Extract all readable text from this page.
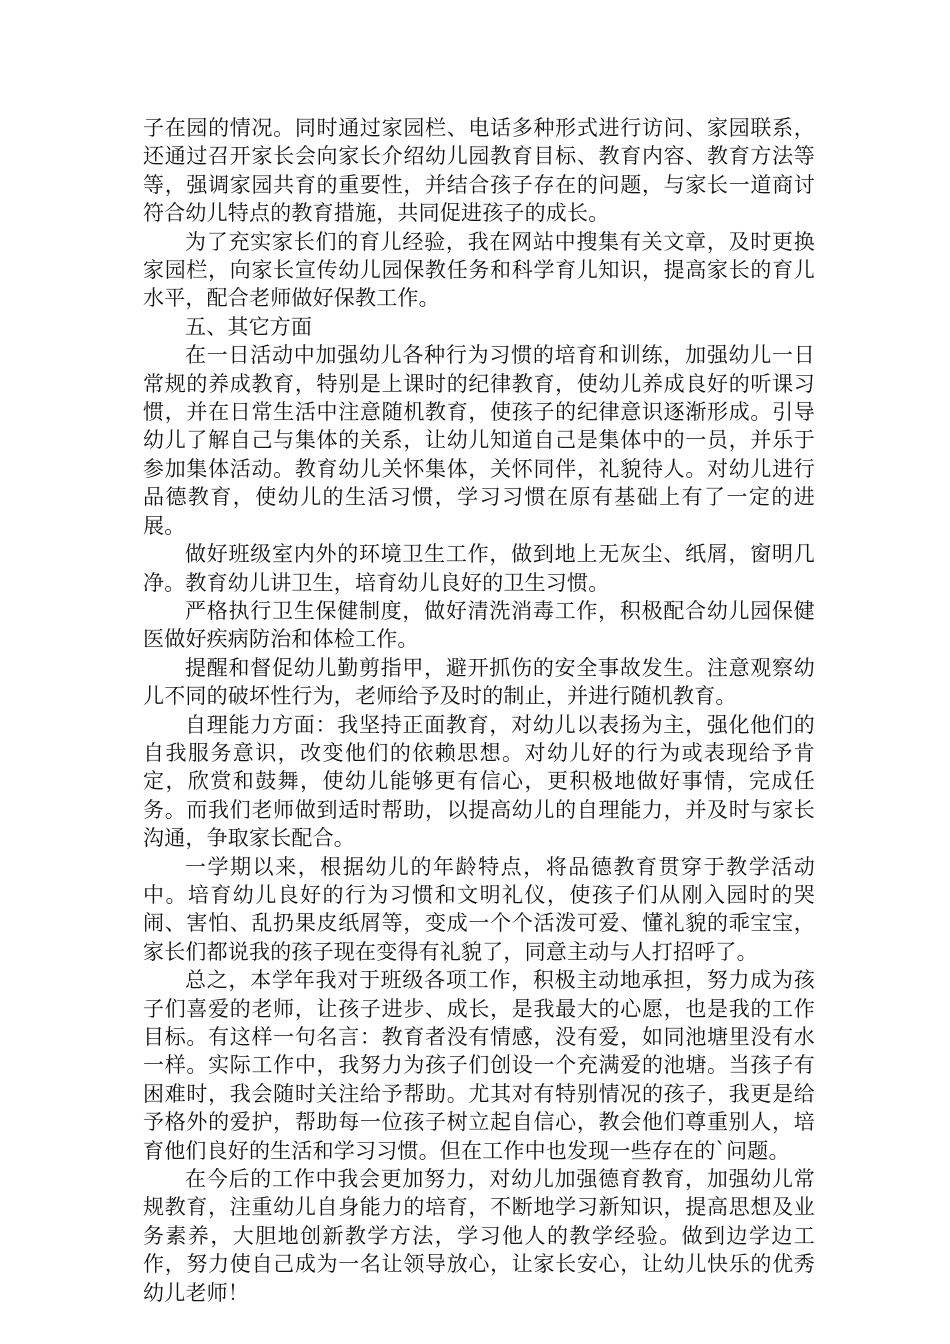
子在园的情况。同时通过家园栏、电话多种形式进行访问、家园联系，还通过召开家长会向家长介绍幼儿园教育目标、教育内容、教育方法等等，强调家园共育的重要性，并结合孩子存在的问题，与家长一道商讨符合幼儿特点的教育措施，共同促进孩子的成长。

为了充实家长们的育儿经验，我在网站中搜集有关文章，及时更换家园栏，向家长宣传幼儿园保教任务和科学育儿知识，提高家长的育儿水平，配合老师做好保教工作。

五、其它方面

在一日活动中加强幼儿各种行为习惯的培育和训练，加强幼儿一日常规的养成教育，特别是上课时的纪律教育，使幼儿养成良好的听课习惯，并在日常生活中注意随机教育，使孩子的纪律意识逐渐形成。引导幼儿了解自己与集体的关系，让幼儿知道自己是集体中的一员，并乐于参加集体活动。教育幼儿关怀集体，关怀同伴，礼貌待人。对幼儿进行品德教育，使幼儿的生活习惯，学习习惯在原有基础上有了一定的进展。

做好班级室内外的环境卫生工作，做到地上无灰尘、纸屑，窗明几净。教育幼儿讲卫生，培育幼儿良好的卫生习惯。

严格执行卫生保健制度，做好清洗消毒工作，积极配合幼儿园保健医做好疾病防治和体检工作。

提醒和督促幼儿勤剪指甲，避开抓伤的安全事故发生。注意观察幼儿不同的破坏性行为，老师给予及时的制止，并进行随机教育。

自理能力方面：我坚持正面教育，对幼儿以表扬为主，强化他们的自我服务意识，改变他们的依赖思想。对幼儿好的行为或表现给予肯定，欣赏和鼓舞，使幼儿能够更有信心，更积极地做好事情，完成任务。而我们老师做到适时帮助，以提高幼儿的自理能力，并及时与家长沟通，争取家长配合。

一学期以来，根据幼儿的年龄特点，将品德教育贯穿于教学活动中。培育幼儿良好的行为习惯和文明礼仪，使孩子们从刚入园时的哭闹、害怕、乱扔果皮纸屑等，变成一个个活泼可爱、懂礼貌的乖宝宝，家长们都说我的孩子现在变得有礼貌了，同意主动与人打招呼了。

总之，本学年我对于班级各项工作，积极主动地承担，努力成为孩子们喜爱的老师，让孩子进步、成长，是我最大的心愿，也是我的工作目标。有这样一句名言：教育者没有情感，没有爱，如同池塘里没有水一样。实际工作中，我努力为孩子们创设一个充满爱的池塘。当孩子有困难时，我会随时关注给予帮助。尤其对有特别情况的孩子，我更是给予格外的爱护，帮助每一位孩子树立起自信心，教会他们尊重别人，培育他们良好的生活和学习习惯。但在工作中也发现一些存在的`问题。

在今后的工作中我会更加努力，对幼儿加强德育教育，加强幼儿常规教育，注重幼儿自身能力的培育，不断地学习新知识，提高思想及业务素养，大胆地创新教学方法，学习他人的教学经验。做到边学边工作，努力使自己成为一名让领导放心，让家长安心，让幼儿快乐的优秀幼儿老师！
